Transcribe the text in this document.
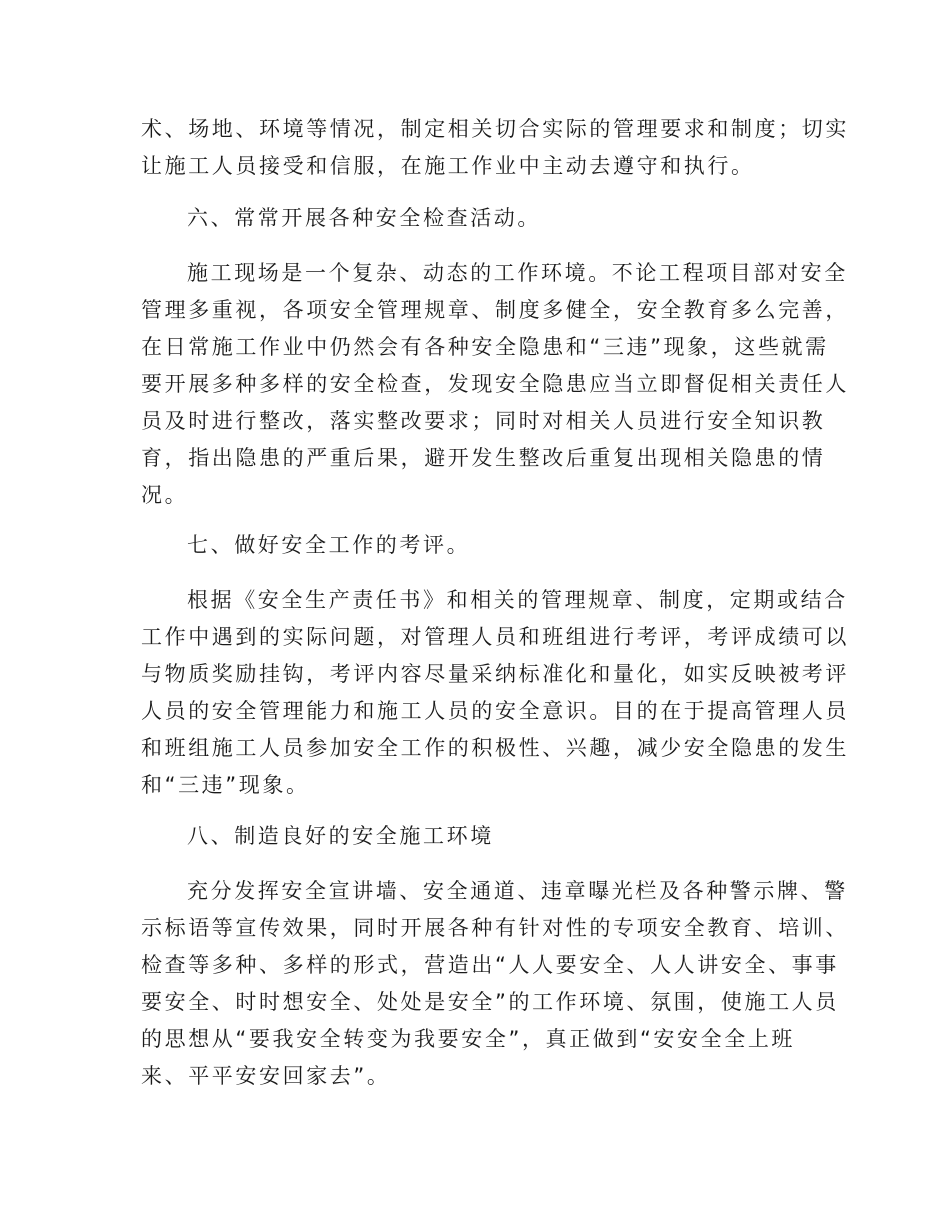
术、场地、环境等情况，制定相关切合实际的管理要求和制度；切实
让施工人员接受和信服，在施工作业中主动去遵守和执行。
六、常常开展各种安全检查活动。
施工现场是一个复杂、动态的工作环境。不论工程项目部对安全
管理多重视，各项安全管理规章、制度多健全，安全教育多么完善，
在日常施工作业中仍然会有各种安全隐患和“三违”现象，这些就需
要开展多种多样的安全检查，发现安全隐患应当立即督促相关责任人
员及时进行整改，落实整改要求；同时对相关人员进行安全知识教
育，指出隐患的严重后果，避开发生整改后重复出现相关隐患的情
况。
七、做好安全工作的考评。
根据《安全生产责任书》和相关的管理规章、制度，定期或结合
工作中遇到的实际问题，对管理人员和班组进行考评，考评成绩可以
与物质奖励挂钩，考评内容尽量采纳标准化和量化，如实反映被考评
人员的安全管理能力和施工人员的安全意识。目的在于提高管理人员
和班组施工人员参加安全工作的积极性、兴趣，减少安全隐患的发生
和“三违”现象。
八、制造良好的安全施工环境
充分发挥安全宣讲墙、安全通道、违章曝光栏及各种警示牌、警
示标语等宣传效果，同时开展各种有针对性的专项安全教育、培训、
检查等多种、多样的形式，营造出“人人要安全、人人讲安全、事事
要安全、时时想安全、处处是安全”的工作环境、氛围，使施工人员
的思想从“要我安全转变为我要安全”，真正做到“安安全全上班
来、平平安安回家去”。
